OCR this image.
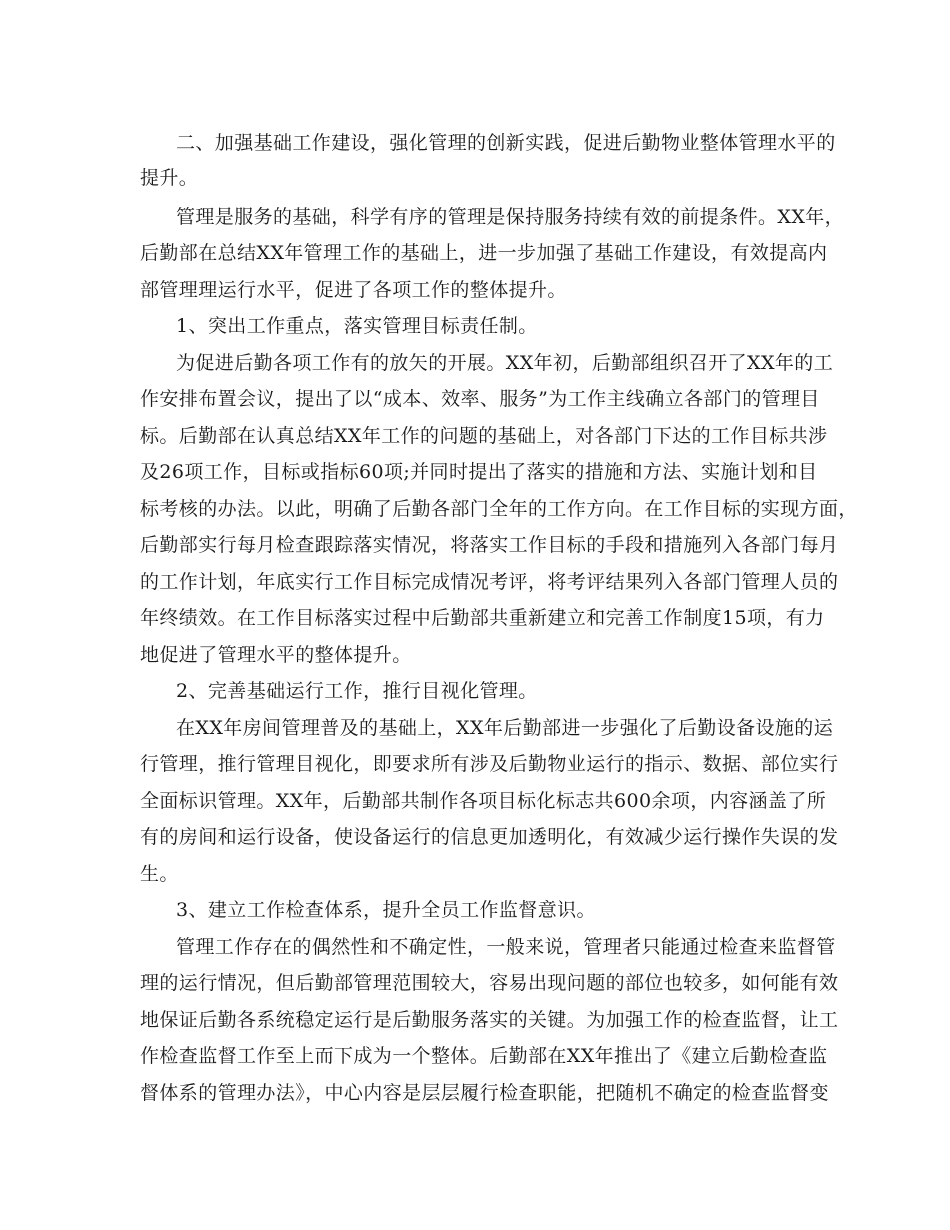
二、加强基础工作建设，强化管理的创新实践，促进后勤物业整体管理水平的

提升。

管理是服务的基础，科学有序的管理是保持服务持续有效的前提条件。XX年，

后勤部在总结XX年管理工作的基础上，进一步加强了基础工作建设，有效提高内

部管理理运行水平，促进了各项工作的整体提升。

1、突出工作重点，落实管理目标责任制。

为促进后勤各项工作有的放矢的开展。XX年初，后勤部组织召开了XX年的工

作安排布置会议，提出了以“成本、效率、服务”为工作主线确立各部门的管理目

标。后勤部在认真总结XX年工作的问题的基础上，对各部门下达的工作目标共涉

及26项工作，目标或指标60项;并同时提出了落实的措施和方法、实施计划和目

标考核的办法。以此，明确了后勤各部门全年的工作方向。在工作目标的实现方面，

后勤部实行每月检查跟踪落实情况，将落实工作目标的手段和措施列入各部门每月

的工作计划，年底实行工作目标完成情况考评，将考评结果列入各部门管理人员的

年终绩效。在工作目标落实过程中后勤部共重新建立和完善工作制度15项，有力

地促进了管理水平的整体提升。

2、完善基础运行工作，推行目视化管理。

在XX年房间管理普及的基础上，XX年后勤部进一步强化了后勤设备设施的运

行管理，推行管理目视化，即要求所有涉及后勤物业运行的指示、数据、部位实行

全面标识管理。XX年，后勤部共制作各项目标化标志共600余项，内容涵盖了所

有的房间和运行设备，使设备运行的信息更加透明化，有效减少运行操作失误的发

生。

3、建立工作检查体系，提升全员工作监督意识。

管理工作存在的偶然性和不确定性，一般来说，管理者只能通过检查来监督管

理的运行情况，但后勤部管理范围较大，容易出现问题的部位也较多，如何能有效

地保证后勤各系统稳定运行是后勤服务落实的关键。为加强工作的检查监督，让工

作检查监督工作至上而下成为一个整体。后勤部在XX年推出了《建立后勤检查监

督体系的管理办法》，中心内容是层层履行检查职能，把随机不确定的检查监督变
